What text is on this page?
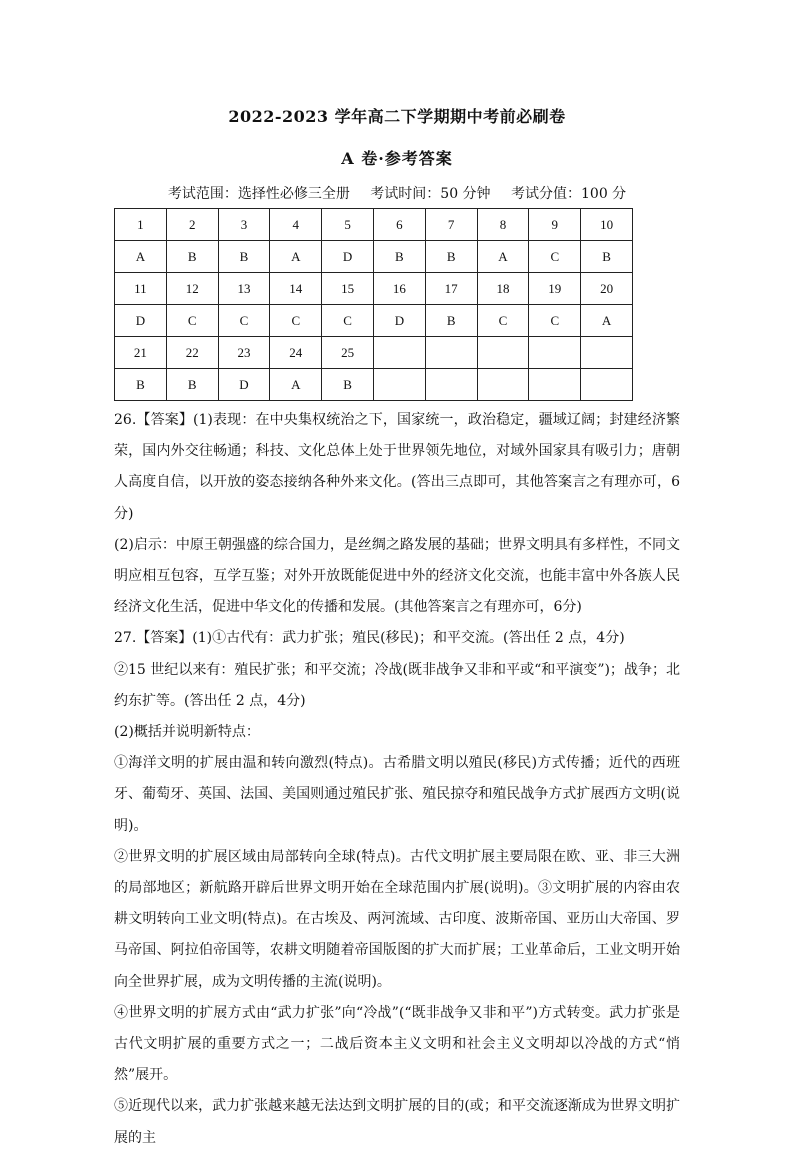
2022-2023 学年高二下学期期中考前必刷卷
A 卷·参考答案
考试范围：选择性必修三全册 考试时间：50 分钟 考试分值：100 分
1	2	3	4	5	6	7	8	9	10
A	B	B	A	D	B	B	A	C	B
11	12	13	14	15	16	17	18	19	20
D	C	C	C	C	D	B	C	C	A
21	22	23	24	25					
B	B	D	A	B					

26.【答案】(1)表现：在中央集权统治之下，国家统一，政治稳定，疆域辽阔；封建经济繁荣，国内外交往畅通；科技、文化总体上处于世界领先地位，对域外国家具有吸引力；唐朝人高度自信，以开放的姿态接纳各种外来文化。(答出三点即可，其他答案言之有理亦可，6分)

(2)启示：中原王朝强盛的综合国力，是丝绸之路发展的基础；世界文明具有多样性，不同文明应相互包容，互学互鉴；对外开放既能促进中外的经济文化交流，也能丰富中外各族人民经济文化生活，促进中华文化的传播和发展。(其他答案言之有理亦可，6分)

27.【答案】(1)①古代有：武力扩张；殖民(移民)；和平交流。(答出任 2 点，4分)

②15 世纪以来有：殖民扩张；和平交流；冷战(既非战争又非和平或“和平演变”)；战争；北约东扩等。(答出任 2 点，4分)

(2)概括并说明新特点：

①海洋文明的扩展由温和转向激烈(特点)。古希腊文明以殖民(移民)方式传播；近代的西班牙、葡萄牙、英国、法国、美国则通过殖民扩张、殖民掠夺和殖民战争方式扩展西方文明(说明)。

②世界文明的扩展区域由局部转向全球(特点)。古代文明扩展主要局限在欧、亚、非三大洲的局部地区；新航路开辟后世界文明开始在全球范围内扩展(说明)。③文明扩展的内容由农耕文明转向工业文明(特点)。在古埃及、两河流域、古印度、波斯帝国、亚历山大帝国、罗马帝国、阿拉伯帝国等，农耕文明随着帝国版图的扩大而扩展；工业革命后，工业文明开始向全世界扩展，成为文明传播的主流(说明)。

④世界文明的扩展方式由“武力扩张”向“冷战”(“既非战争又非和平”)方式转变。武力扩张是古代文明扩展的重要方式之一；二战后资本主义文明和社会主义文明却以冷战的方式“悄然”展开。

⑤近现代以来，武力扩张越来越无法达到文明扩展的目的(或；和平交流逐渐成为世界文明扩展的主
